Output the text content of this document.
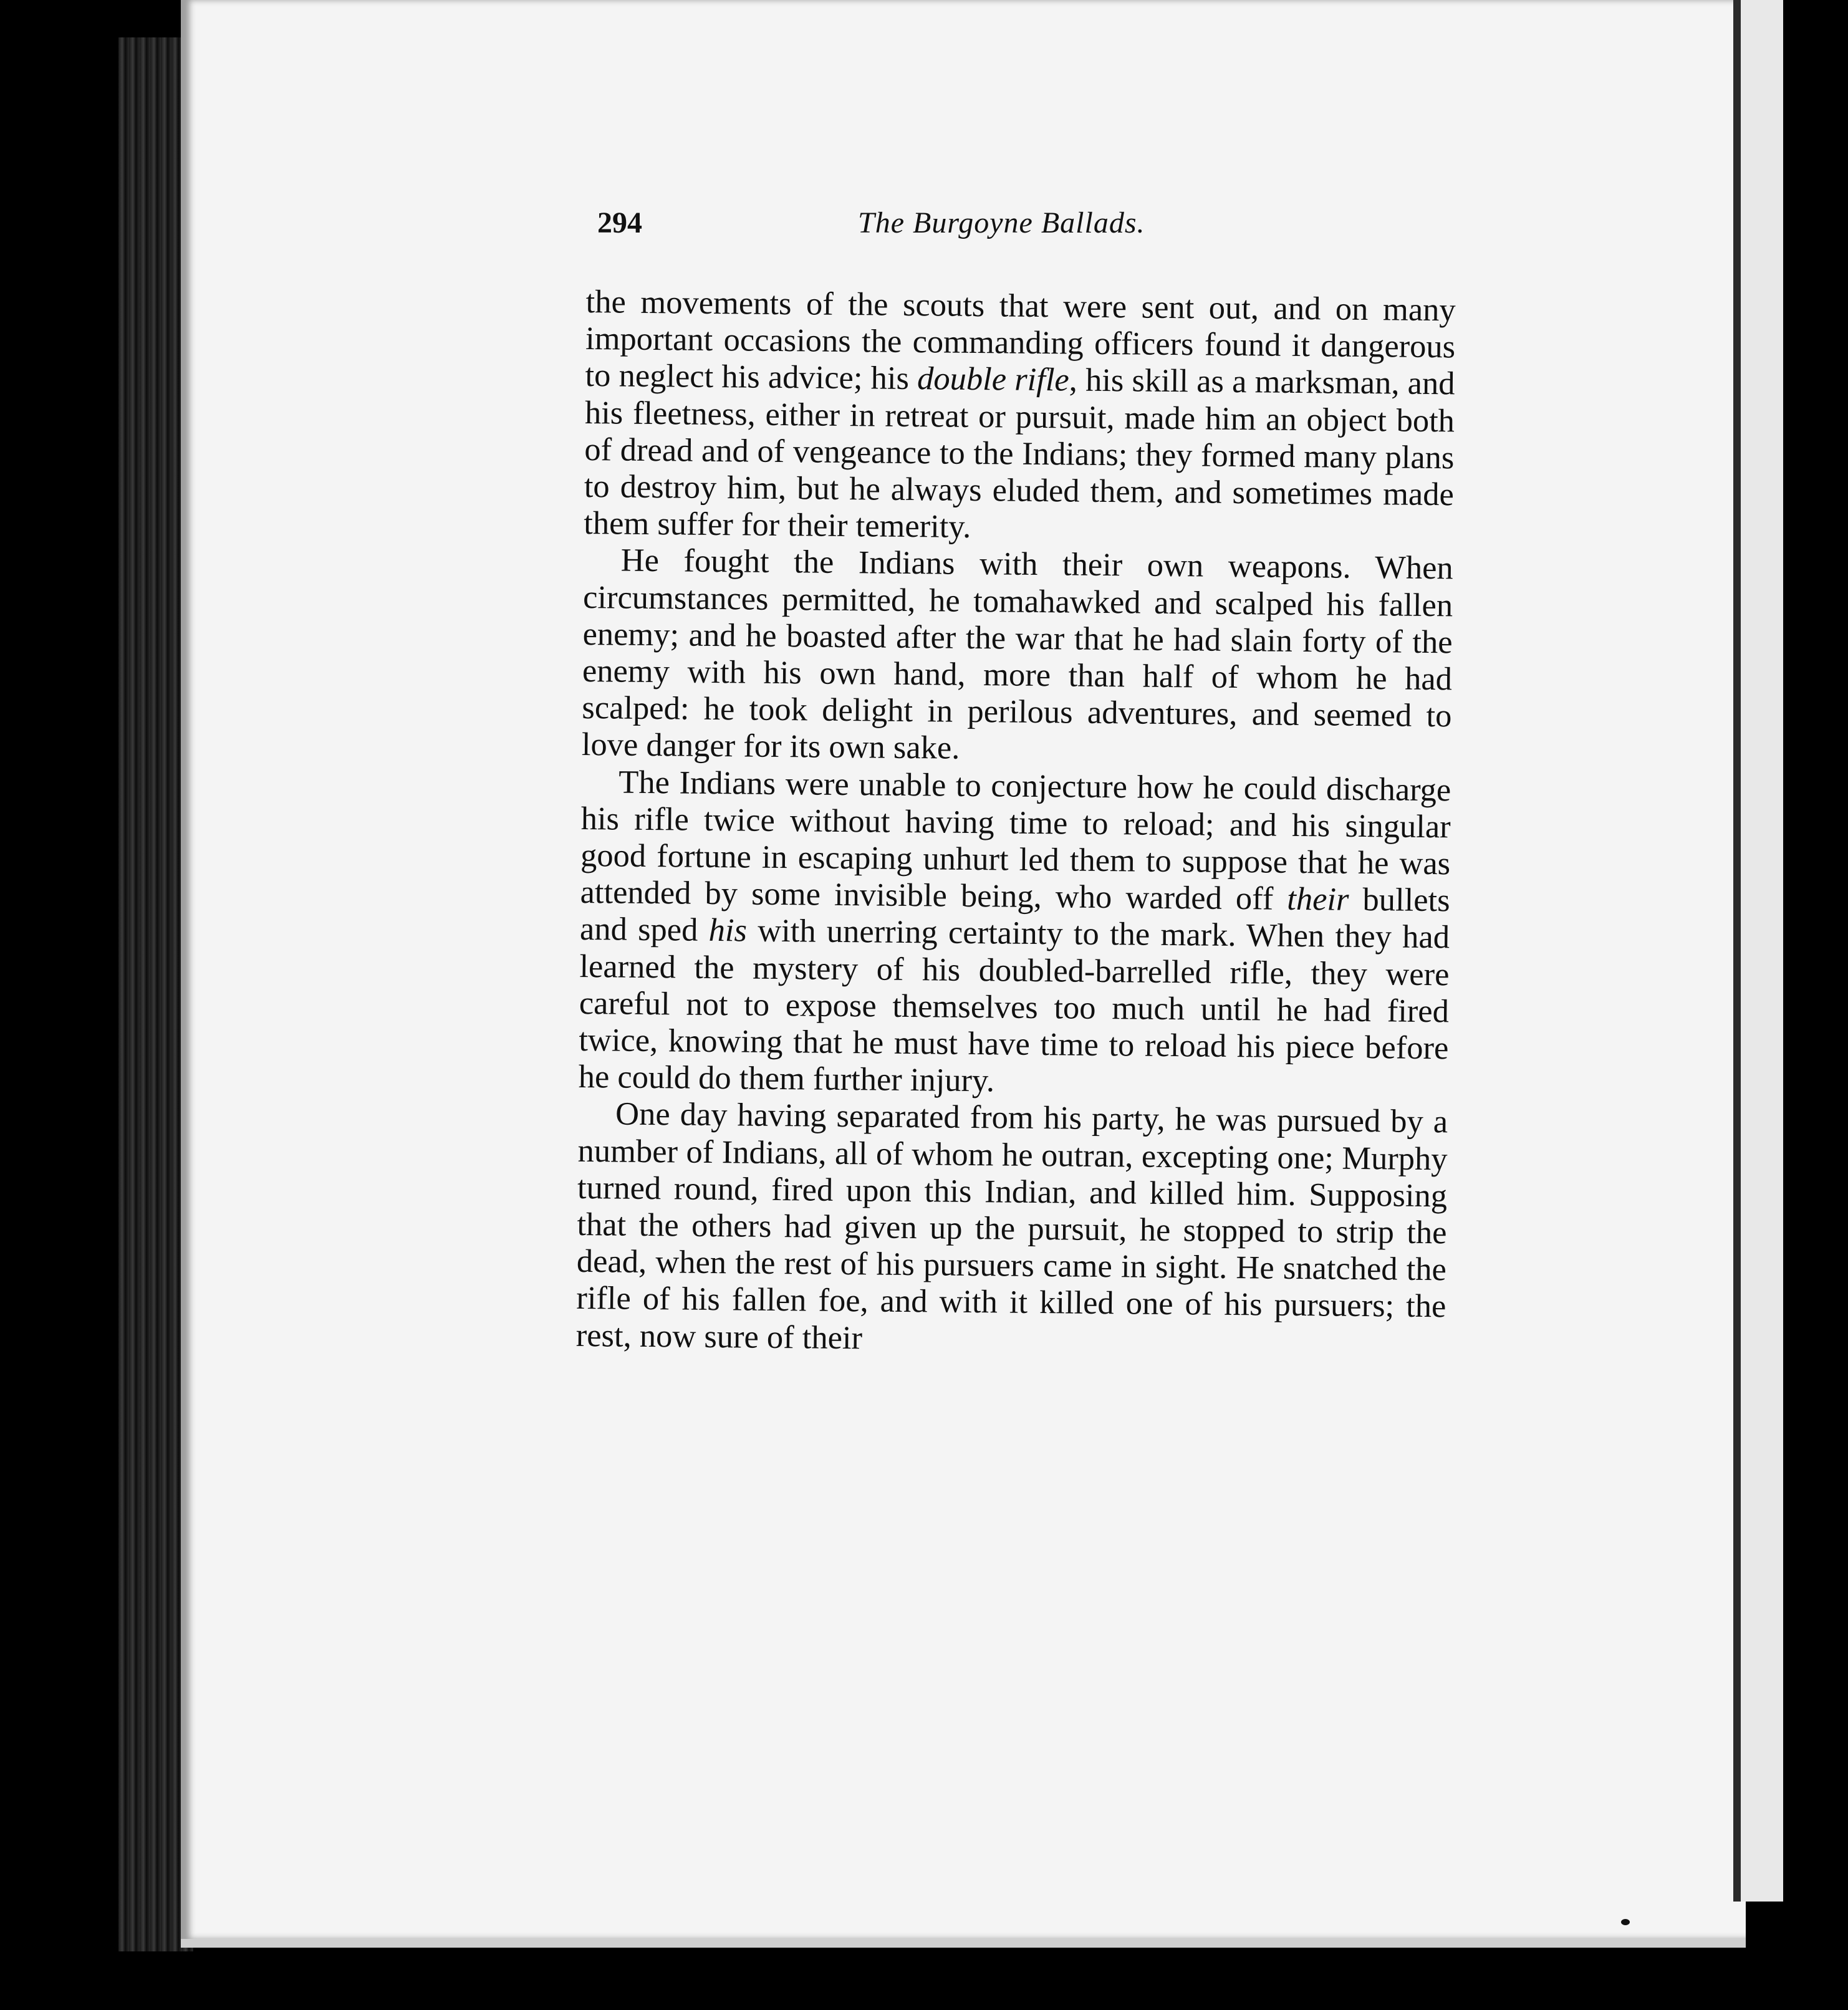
294	The Burgoyne Ballads.

the movements of the scouts that were sent out, and on many important occasions the commanding officers found it dangerous to neglect his advice; his double rifle, his skill as a marksman, and his fleetness, either in retreat or pursuit, made him an object both of dread and of vengeance to the Indians; they formed many plans to destroy him, but he always eluded them, and sometimes made them suffer for their temerity.

He fought the Indians with their own weapons. When circumstances permitted, he tomahawked and scalped his fallen enemy; and he boasted after the war that he had slain forty of the enemy with his own hand, more than half of whom he had scalped: he took delight in perilous adventures, and seemed to love danger for its own sake.

The Indians were unable to conjecture how he could discharge his rifle twice without having time to reload; and his singular good fortune in escaping unhurt led them to suppose that he was attended by some invisible being, who warded off their bullets and sped his with unerring certainty to the mark. When they had learned the mystery of his doubled-barrelled rifle, they were careful not to expose themselves too much until he had fired twice, knowing that he must have time to reload his piece before he could do them further injury.

One day having separated from his party, he was pursued by a number of Indians, all of whom he outran, excepting one; Murphy turned round, fired upon this Indian, and killed him. Supposing that the others had given up the pursuit, he stopped to strip the dead, when the rest of his pursuers came in sight. He snatched the rifle of his fallen foe, and with it killed one of his pursuers; the rest, now sure of their
